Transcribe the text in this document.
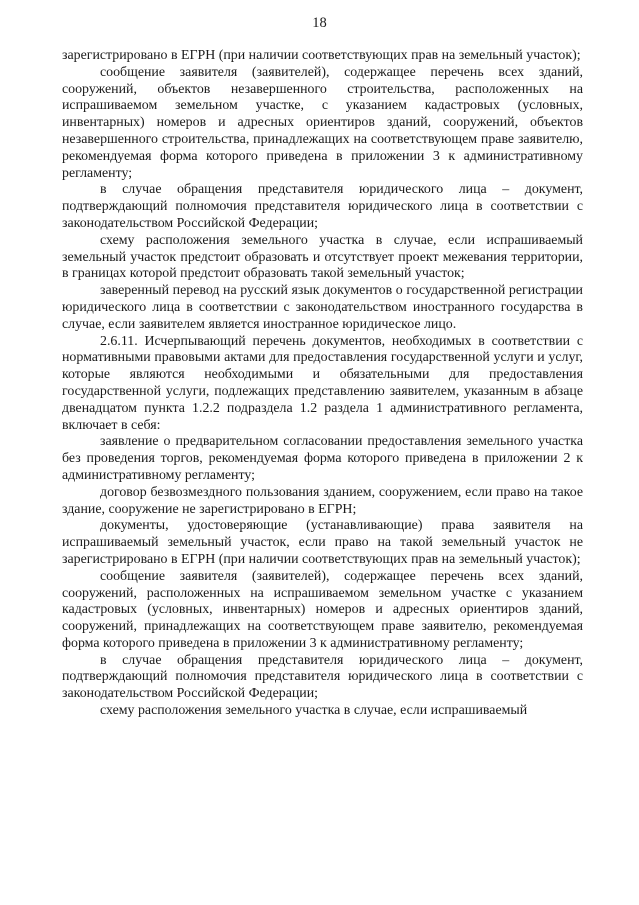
18

зарегистрировано в ЕГРН (при наличии соответствующих прав на земельный участок);

сообщение заявителя (заявителей), содержащее перечень всех зданий, сооружений, объектов незавершенного строительства, расположенных на испрашиваемом земельном участке, с указанием кадастровых (условных, инвентарных) номеров и адресных ориентиров зданий, сооружений, объектов незавершенного строительства, принадлежащих на соответствующем праве заявителю, рекомендуемая форма которого приведена в приложении 3 к административному регламенту;

в случае обращения представителя юридического лица – документ, подтверждающий полномочия представителя юридического лица в соответствии с законодательством Российской Федерации;

схему расположения земельного участка в случае, если испрашиваемый земельный участок предстоит образовать и отсутствует проект межевания территории, в границах которой предстоит образовать такой земельный участок;

заверенный перевод на русский язык документов о государственной регистрации юридического лица в соответствии с законодательством иностранного государства в случае, если заявителем является иностранное юридическое лицо.

2.6.11. Исчерпывающий перечень документов, необходимых в соответствии с нормативными правовыми актами для предоставления государственной услуги и услуг, которые являются необходимыми и обязательными для предоставления государственной услуги, подлежащих представлению заявителем, указанным в абзаце двенадцатом пункта 1.2.2 подраздела 1.2 раздела 1 административного регламента, включает в себя:

заявление о предварительном согласовании предоставления земельного участка без проведения торгов, рекомендуемая форма которого приведена в приложении 2 к административному регламенту;

договор безвозмездного пользования зданием, сооружением, если право на такое здание, сооружение не зарегистрировано в ЕГРН;

документы, удостоверяющие (устанавливающие) права заявителя на испрашиваемый земельный участок, если право на такой земельный участок не зарегистрировано в ЕГРН (при наличии соответствующих прав на земельный участок);

сообщение заявителя (заявителей), содержащее перечень всех зданий, сооружений, расположенных на испрашиваемом земельном участке с указанием кадастровых (условных, инвентарных) номеров и адресных ориентиров зданий, сооружений, принадлежащих на соответствующем праве заявителю, рекомендуемая форма которого приведена в приложении 3 к административному регламенту;

в случае обращения представителя юридического лица – документ, подтверждающий полномочия представителя юридического лица в соответствии с законодательством Российской Федерации;

схему расположения земельного участка в случае, если испрашиваемый
